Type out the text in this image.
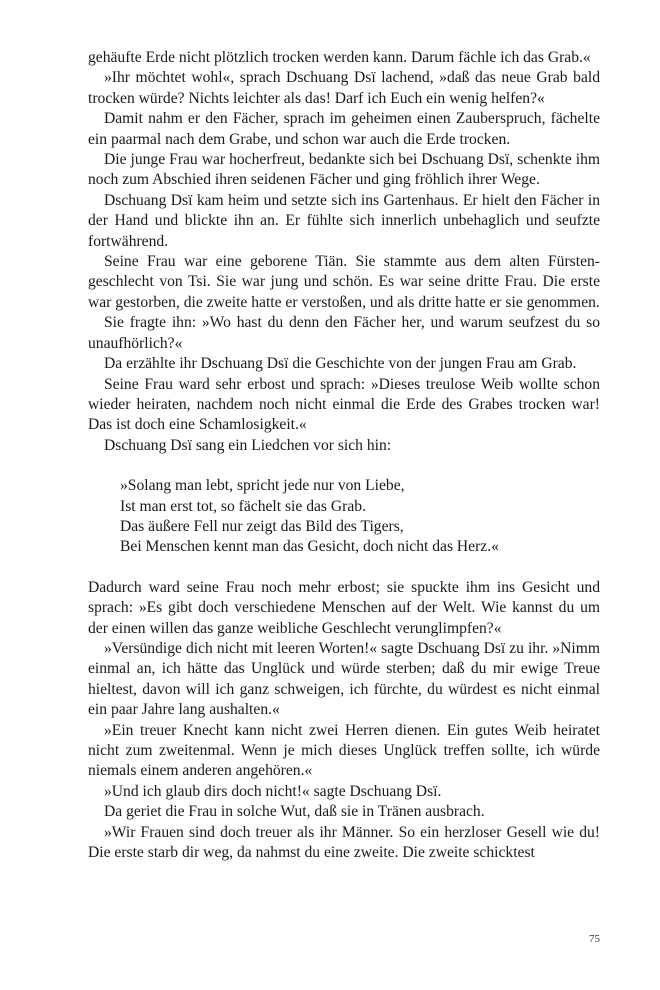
gehäufte Erde nicht plötzlich trocken werden kann. Darum fächle ich das Grab.«

»Ihr möchtet wohl«, sprach Dschuang Dsï lachend, »daß das neue Grab bald trocken würde? Nichts leichter als das! Darf ich Euch ein wenig helfen?«

Damit nahm er den Fächer, sprach im geheimen einen Zauberspruch, fächelte ein paarmal nach dem Grabe, und schon war auch die Erde trocken.

Die junge Frau war hocherfreut, bedankte sich bei Dschuang Dsï, schenkte ihm noch zum Abschied ihren seidenen Fächer und ging fröhlich ihrer Wege.

Dschuang Dsï kam heim und setzte sich ins Gartenhaus. Er hielt den Fächer in der Hand und blickte ihn an. Er fühlte sich innerlich unbehaglich und seufzte fortwährend.

Seine Frau war eine geborene Tiän. Sie stammte aus dem alten Fürstengeschlecht von Tsi. Sie war jung und schön. Es war seine dritte Frau. Die erste war gestorben, die zweite hatte er verstoßen, und als dritte hatte er sie genommen.

Sie fragte ihn: »Wo hast du denn den Fächer her, und warum seufzest du so unaufhörlich?«

Da erzählte ihr Dschuang Dsï die Geschichte von der jungen Frau am Grab.

Seine Frau ward sehr erbost und sprach: »Dieses treulose Weib wollte schon wieder heiraten, nachdem noch nicht einmal die Erde des Grabes trocken war! Das ist doch eine Schamlosigkeit.«

Dschuang Dsï sang ein Liedchen vor sich hin:

»Solang man lebt, spricht jede nur von Liebe,
Ist man erst tot, so fächelt sie das Grab.
Das äußere Fell nur zeigt das Bild des Tigers,
Bei Menschen kennt man das Gesicht, doch nicht das Herz.«

Dadurch ward seine Frau noch mehr erbost; sie spuckte ihm ins Gesicht und sprach: »Es gibt doch verschiedene Menschen auf der Welt. Wie kannst du um der einen willen das ganze weibliche Geschlecht verunglimpfen?«

»Versündige dich nicht mit leeren Worten!« sagte Dschuang Dsï zu ihr. »Nimm einmal an, ich hätte das Unglück und würde sterben; daß du mir ewige Treue hieltest, davon will ich ganz schweigen, ich fürchte, du würdest es nicht einmal ein paar Jahre lang aushalten.«

»Ein treuer Knecht kann nicht zwei Herren dienen. Ein gutes Weib heiratet nicht zum zweitenmal. Wenn je mich dieses Unglück treffen sollte, ich würde niemals einem anderen angehören.«

»Und ich glaub dirs doch nicht!« sagte Dschuang Dsï.

Da geriet die Frau in solche Wut, daß sie in Tränen ausbrach.

»Wir Frauen sind doch treuer als ihr Männer. So ein herzloser Gesell wie du! Die erste starb dir weg, da nahmst du eine zweite. Die zweite schicktest

75
